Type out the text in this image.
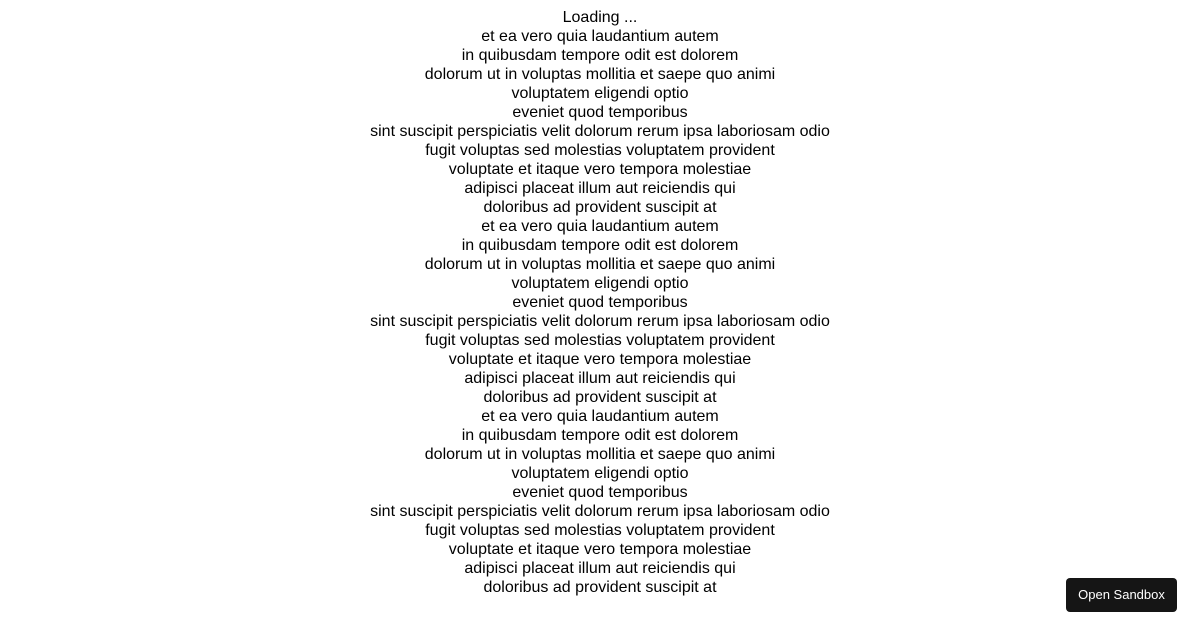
Loading ...
et ea vero quia laudantium autem
in quibusdam tempore odit est dolorem
dolorum ut in voluptas mollitia et saepe quo animi
voluptatem eligendi optio
eveniet quod temporibus
sint suscipit perspiciatis velit dolorum rerum ipsa laboriosam odio
fugit voluptas sed molestias voluptatem provident
voluptate et itaque vero tempora molestiae
adipisci placeat illum aut reiciendis qui
doloribus ad provident suscipit at
et ea vero quia laudantium autem
in quibusdam tempore odit est dolorem
dolorum ut in voluptas mollitia et saepe quo animi
voluptatem eligendi optio
eveniet quod temporibus
sint suscipit perspiciatis velit dolorum rerum ipsa laboriosam odio
fugit voluptas sed molestias voluptatem provident
voluptate et itaque vero tempora molestiae
adipisci placeat illum aut reiciendis qui
doloribus ad provident suscipit at
et ea vero quia laudantium autem
in quibusdam tempore odit est dolorem
dolorum ut in voluptas mollitia et saepe quo animi
voluptatem eligendi optio
eveniet quod temporibus
sint suscipit perspiciatis velit dolorum rerum ipsa laboriosam odio
fugit voluptas sed molestias voluptatem provident
voluptate et itaque vero tempora molestiae
adipisci placeat illum aut reiciendis qui
doloribus ad provident suscipit at	Open Sandbox
